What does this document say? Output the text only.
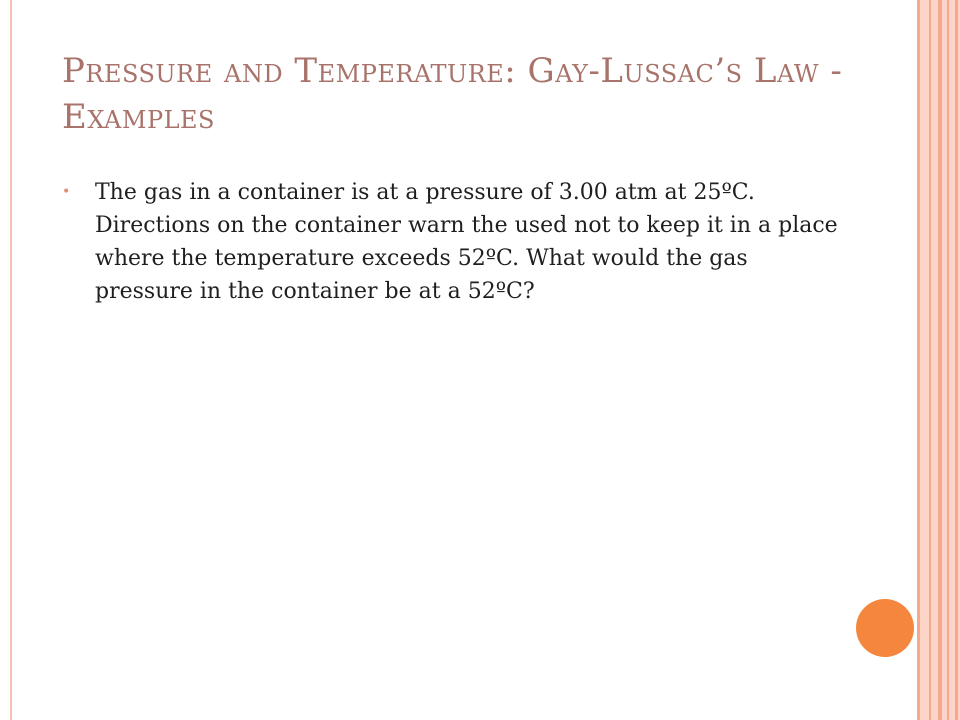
Pressure and Temperature: Gay-Lussac’s Law - Examples
• The gas in a container is at a pressure of 3.00 atm at 25ºC. Directions on the container warn the used not to keep it in a place where the temperature exceeds 52ºC. What would the gas pressure in the container be at a 52ºC?
